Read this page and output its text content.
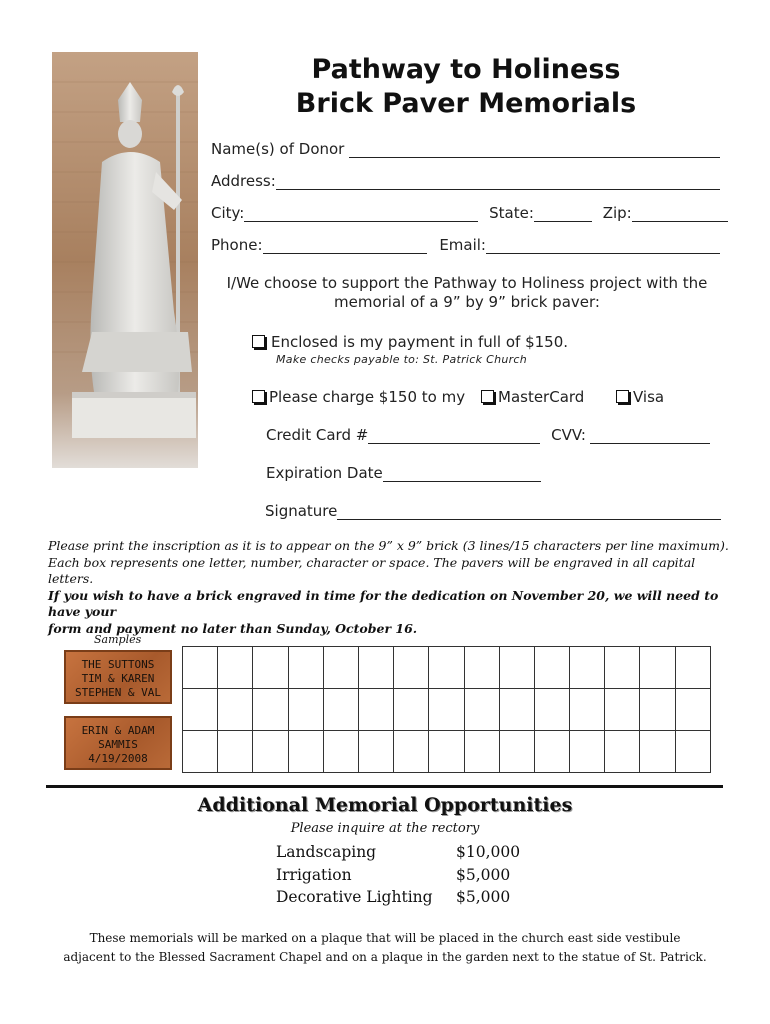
Pathway to Holiness
Brick Paver Memorials
Name(s) of Donor
Address:
City:	State:	Zip:
Phone:	Email:
I/We choose to support the Pathway to Holiness project with the
memorial of a 9” by 9” brick paver:
Enclosed is my payment in full of $150.
Make checks payable to: St. Patrick Church
Please charge $150 to my	MasterCard	Visa
Credit Card #	CVV:
Expiration Date
Signature
Please print the inscription as it is to appear on the 9” x 9” brick (3 lines/15 characters per line maximum).
Each box represents one letter, number, character or space. The pavers will be engraved in all capital letters.
If you wish to have a brick engraved in time for the dedication on November 20, we will need to have your
form and payment no later than Sunday, October 16.
Samples
THE SUTTONS
TIM & KAREN
STEPHEN & VAL
ERIN & ADAM
SAMMIS
4/19/2008

Additional Memorial Opportunities
Please inquire at the rectory
Landscaping	$10,000
Irrigation	$5,000
Decorative Lighting $5,000
These memorials will be marked on a plaque that will be placed in the church east side vestibule
adjacent to the Blessed Sacrament Chapel and on a plaque in the garden next to the statue of St. Patrick.
